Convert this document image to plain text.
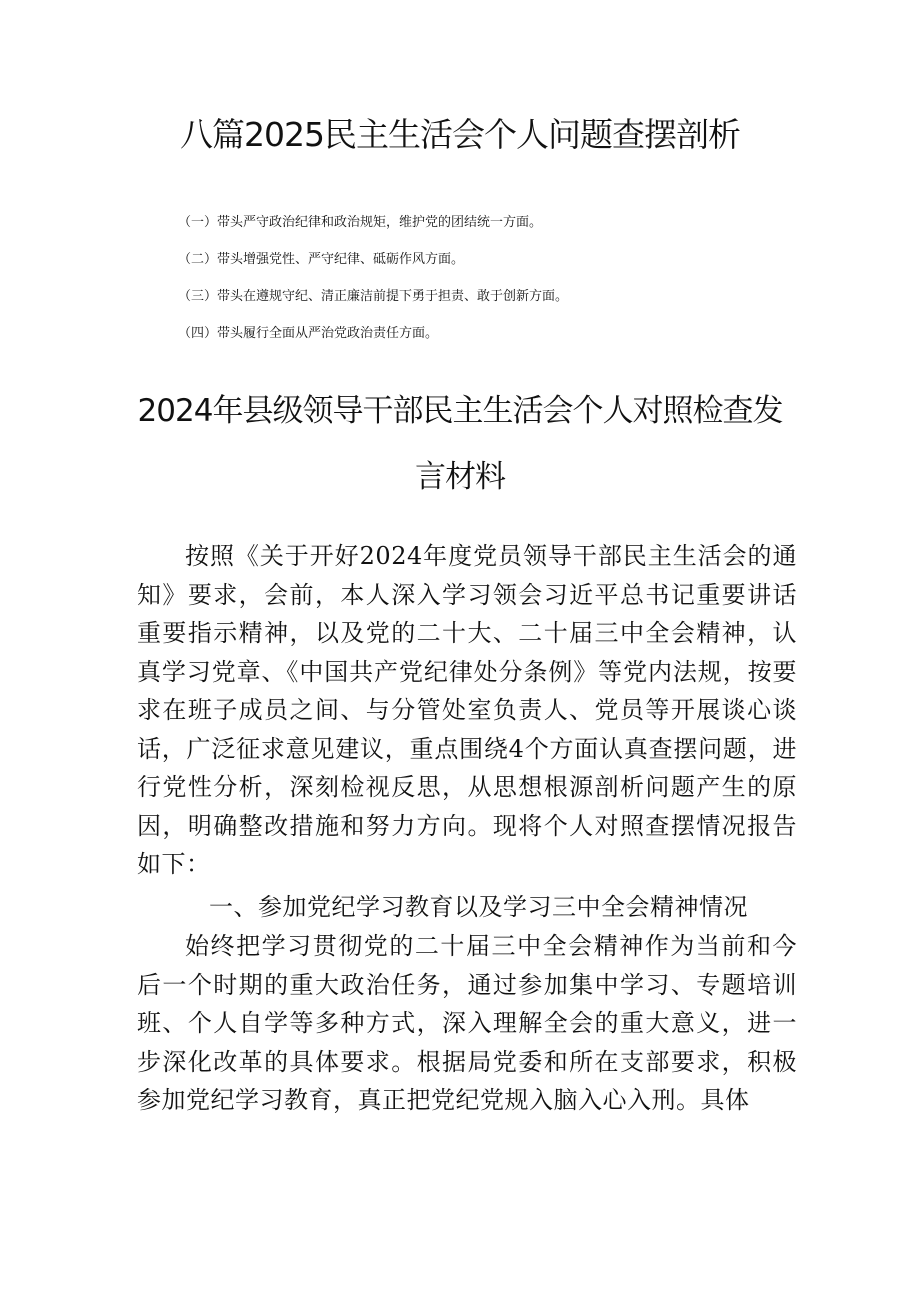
八篇2025民主生活会个人问题查摆剖析
（一）带头严守政治纪律和政治规矩，维护党的团结统一方面。
（二）带头增强党性、严守纪律、砥砺作风方面。
（三）带头在遵规守纪、清正廉洁前提下勇于担责、敢于创新方面。
（四）带头履行全面从严治党政治责任方面。
2024年县级领导干部民主生活会个人对照检查发言材料

按照《关于开好2024年度党员领导干部民主生活会的通知》要求，会前，本人深入学习领会习近平总书记重要讲话重要指示精神，以及党的二十大、二十届三中全会精神，认真学习党章、《中国共产党纪律处分条例》等党内法规，按要求在班子成员之间、与分管处室负责人、党员等开展谈心谈话，广泛征求意见建议，重点围绕4个方面认真查摆问题，进行党性分析，深刻检视反思，从思想根源剖析问题产生的原因，明确整改措施和努力方向。现将个人对照查摆情况报告如下：

一、参加党纪学习教育以及学习三中全会精神情况

始终把学习贯彻党的二十届三中全会精神作为当前和今后一个时期的重大政治任务，通过参加集中学习、专题培训班、个人自学等多种方式，深入理解全会的重大意义，进一步深化改革的具体要求。根据局党委和所在支部要求，积极参加党纪学习教育，真正把党纪党规入脑入心入刑。具体
